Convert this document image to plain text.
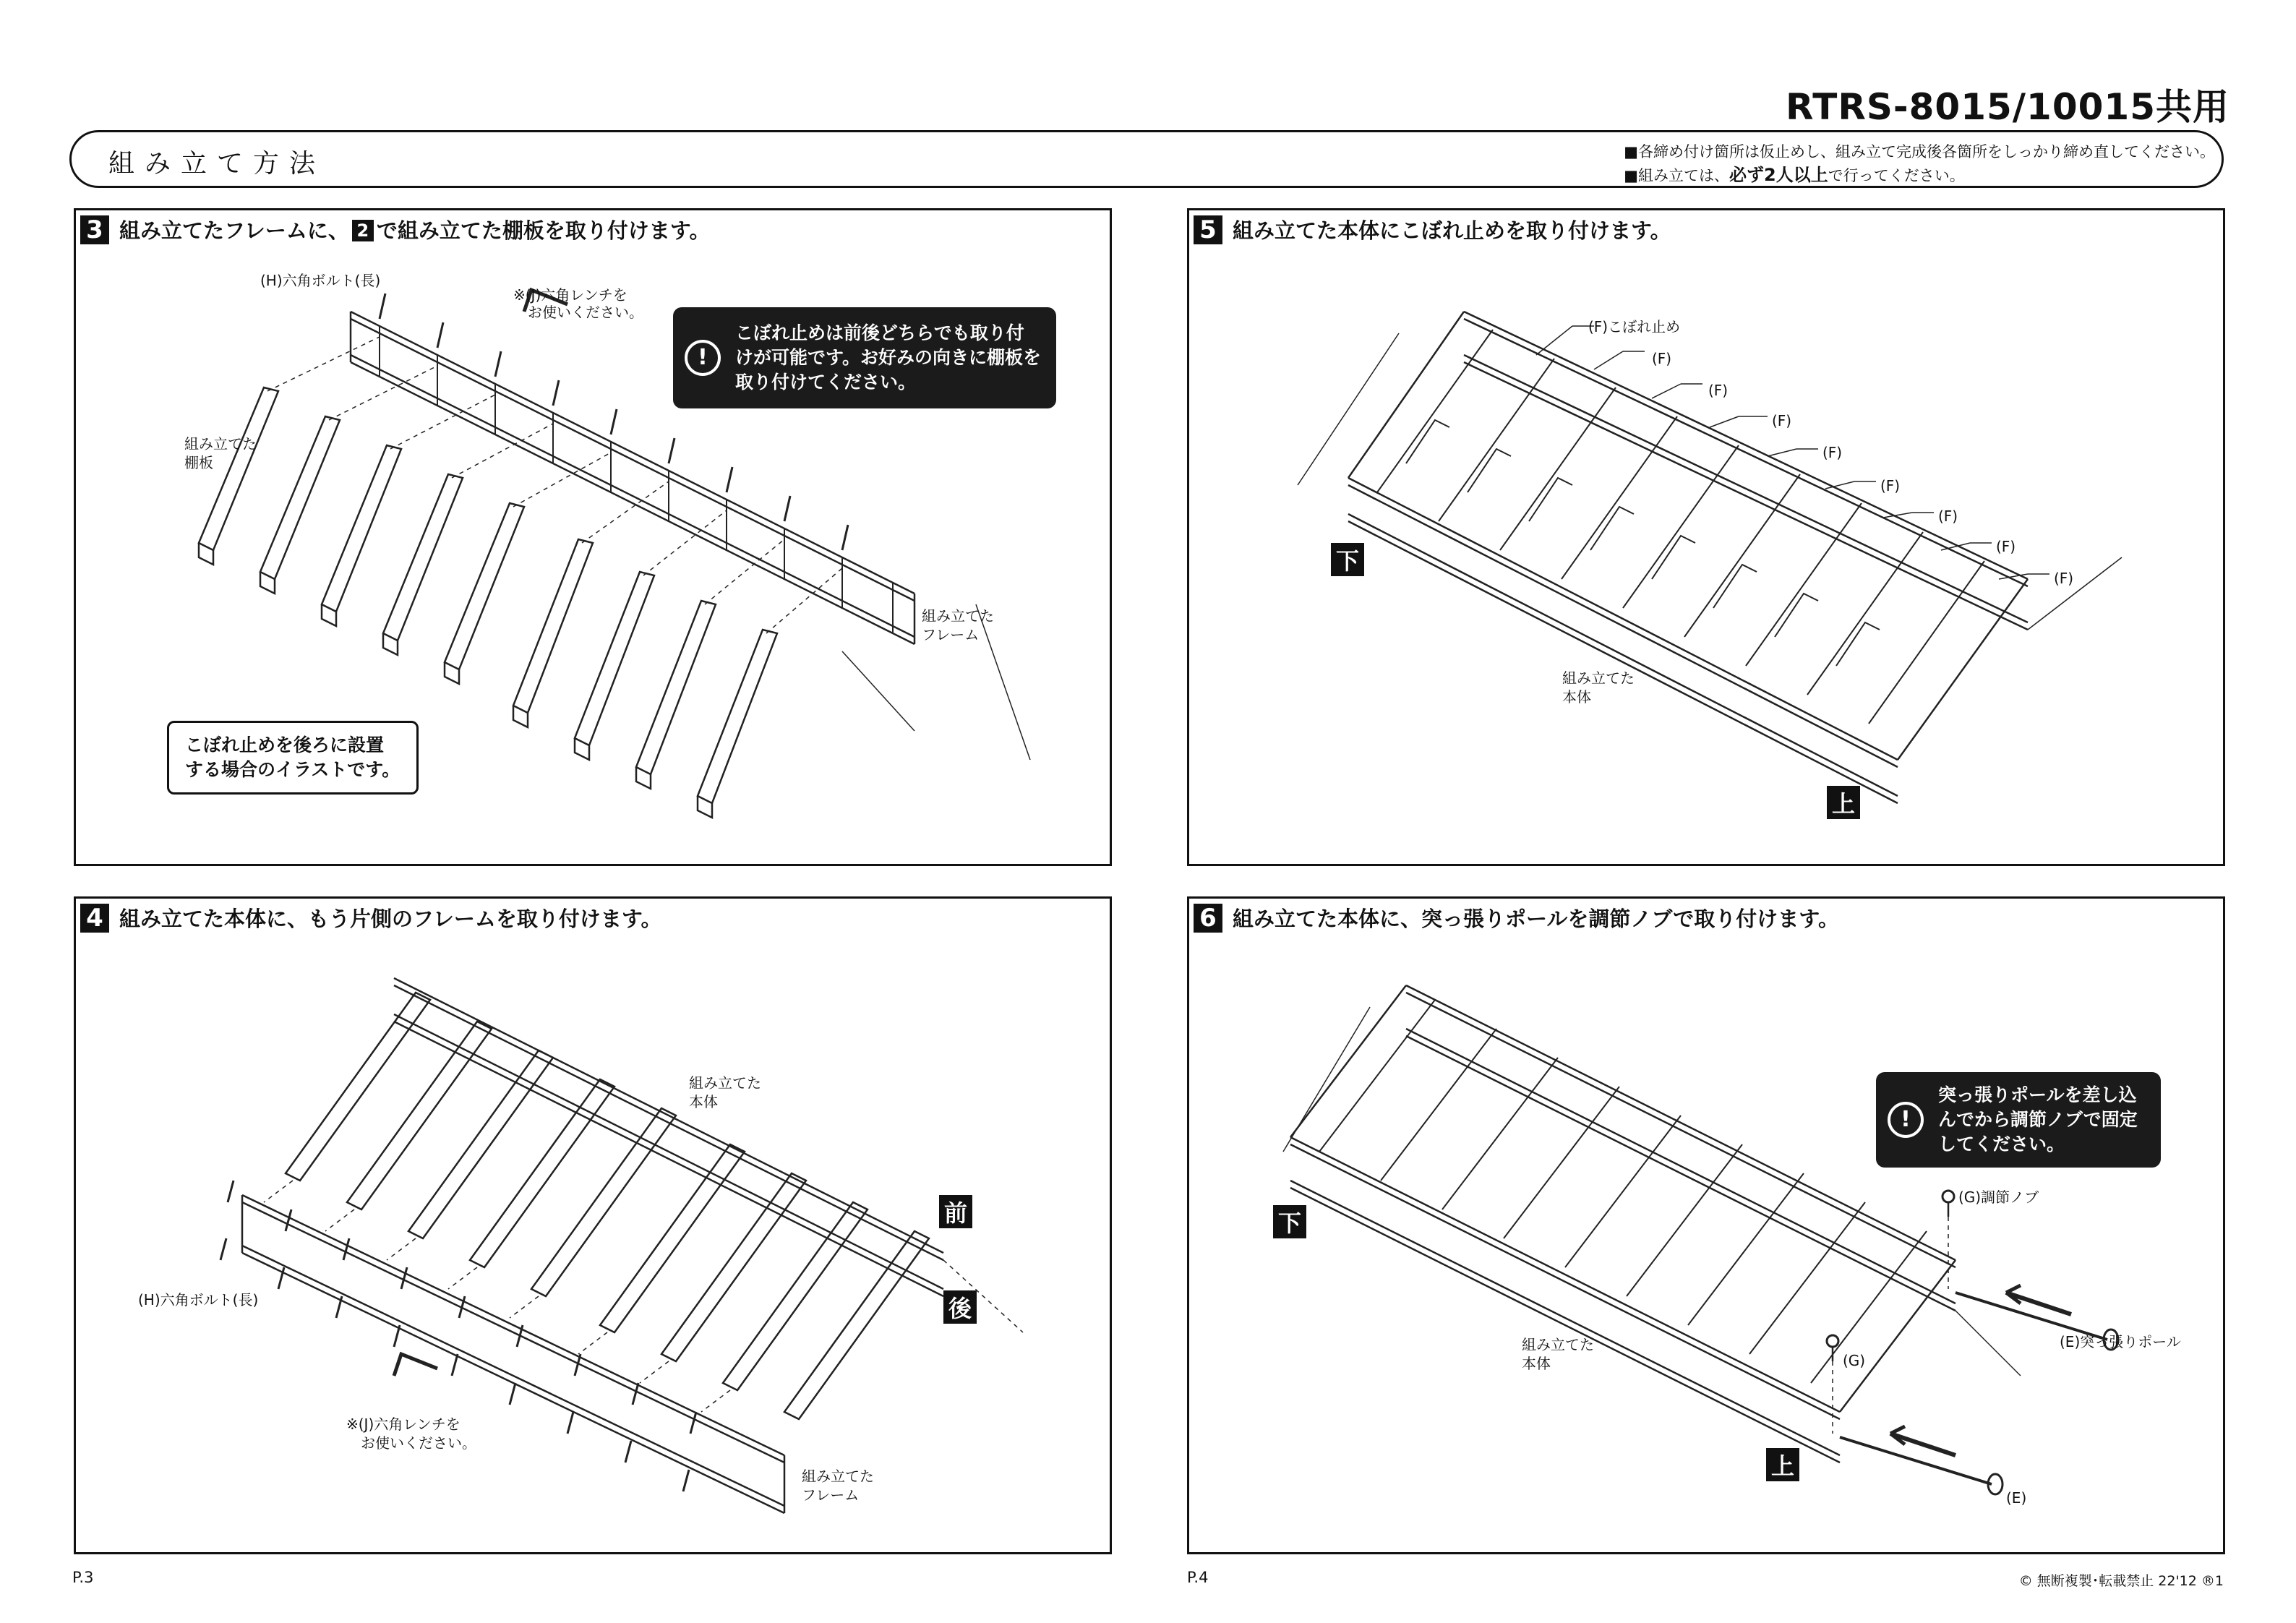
RTRS-8015/10015共用
組み立て方法	■各締め付け箇所は仮止めし、組み立て完成後各箇所をしっかり締め直してください。
■組み立ては、必ず2人以上で行ってください。
3 組み立てたフレームに、 2 で組み立てた棚板を取り付けます。
(H)六角ボルト(長)
※(J)六角レンチを
お使いください。
組み立てた
棚板
組み立てた
フレーム
!
こぼれ止めは前後どちらでも取り付けが可能です。お好みの向きに棚板を取り付けてください。
こぼれ止めを後ろに設置する場合のイラストです。
4 組み立てた本体に、もう片側のフレームを取り付けます。
組み立てた
本体
(H)六角ボルト(長)
※(J)六角レンチを
お使いください。
組み立てた
フレーム
前
後
5 組み立てた本体にこぼれ止めを取り付けます。
(F)こぼれ止め
(F)
(F)
(F)
(F)
(F)
(F)
(F)
(F)
組み立てた
本体
下
上
6 組み立てた本体に、突っ張りポールを調節ノブで取り付けます。
!
突っ張りポールを差し込んでから調節ノブで固定してください。
(G)調節ノブ
(E)突っ張りポール
(G)
(E)
組み立てた
本体
下
上
P.3	P.4	© 無断複製･転載禁止 22'12 ®1
